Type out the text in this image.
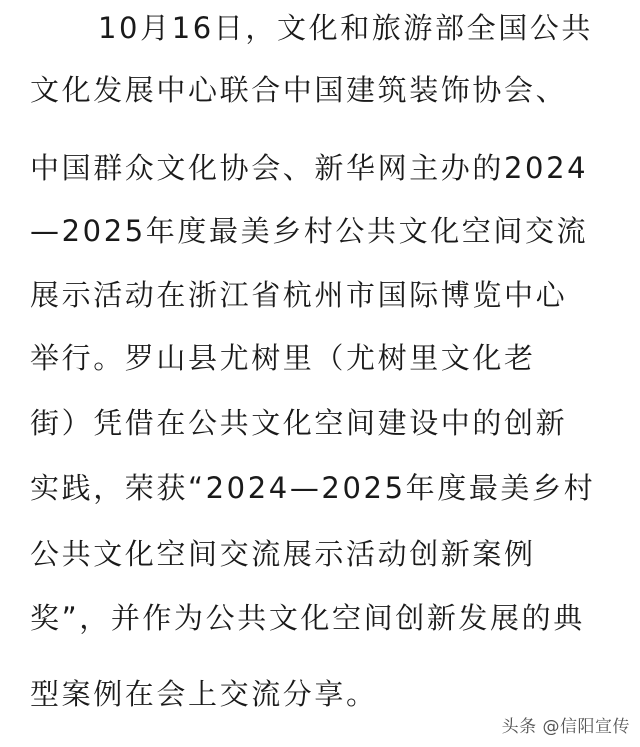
10月16日，文化和旅游部全国公共
文化发展中心联合中国建筑装饰协会、
中国群众文化协会、新华网主办的2024
—2025年度最美乡村公共文化空间交流
展示活动在浙江省杭州市国际博览中心
举行。罗山县尤树里（尤树里文化老
街）凭借在公共文化空间建设中的创新
实践，荣获“2024—2025年度最美乡村
公共文化空间交流展示活动创新案例
奖”，并作为公共文化空间创新发展的典
型案例在会上交流分享。
头条 @信阳宣传
